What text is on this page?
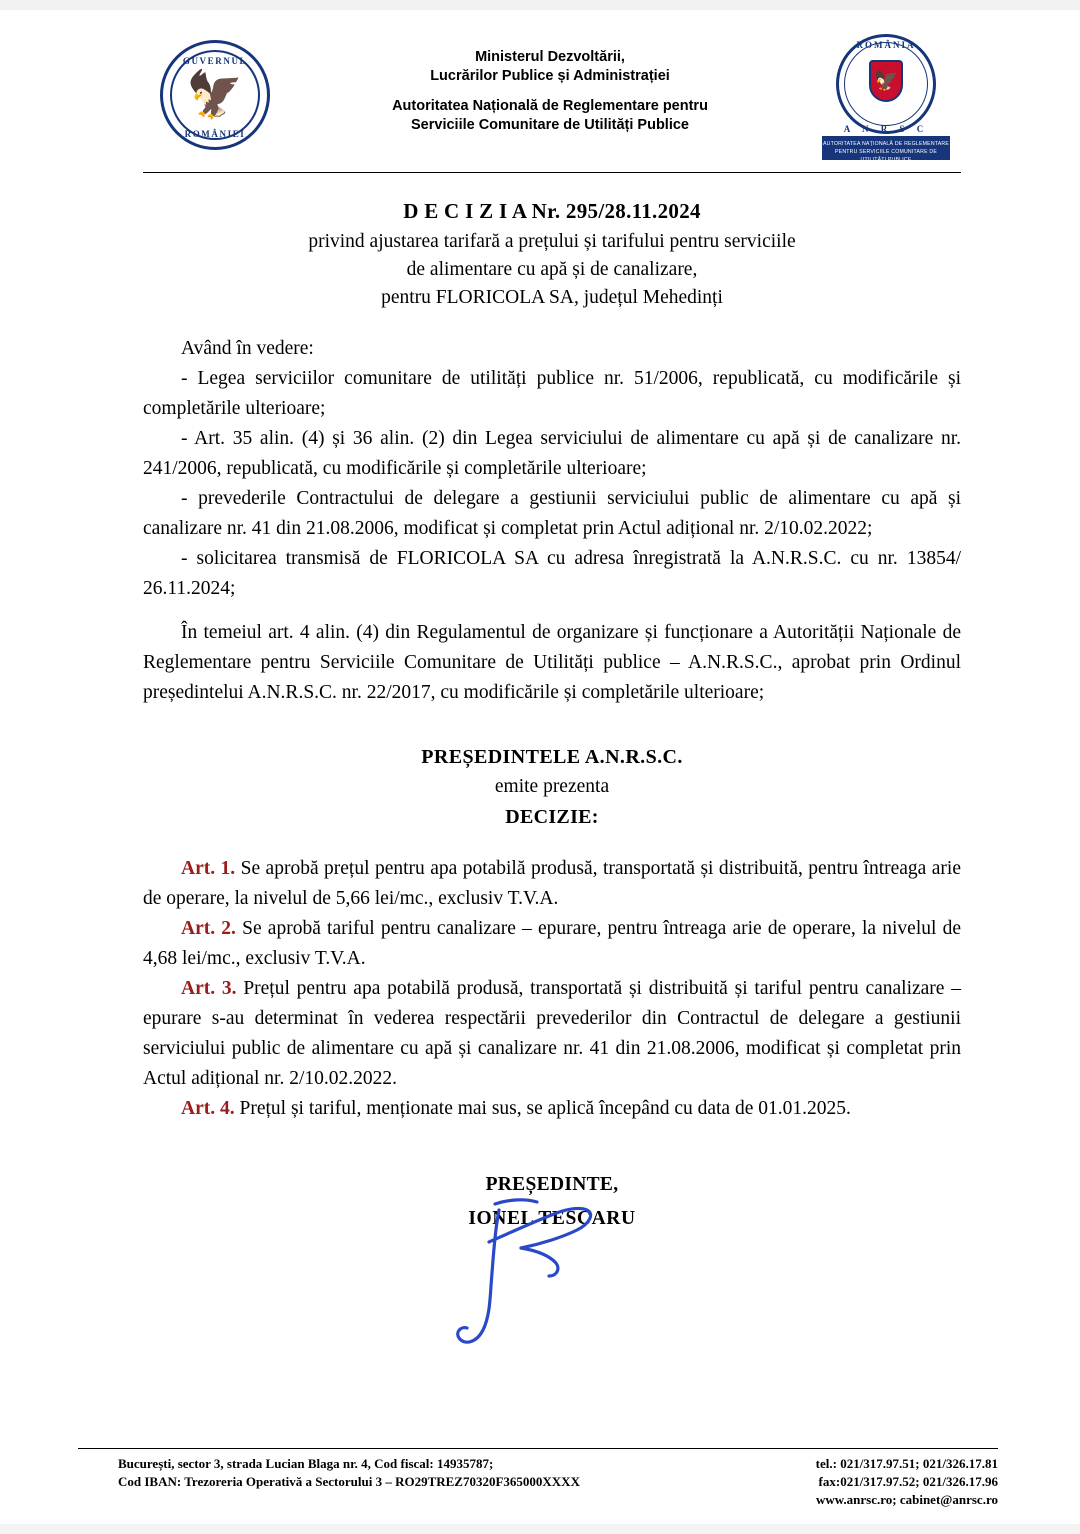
GUVERNUL
🦅
ROMÂNIEI
Ministerul Dezvoltării,
Lucrărilor Publice și Administrației
Autoritatea Națională de Reglementare pentru
Serviciile Comunitare de Utilități Publice
ROMÂNIA
🦅
A N R S C
AUTORITATEA NAȚIONALĂ DE REGLEMENTARE
PENTRU SERVICIILE COMUNITARE DE UTILITĂȚI PUBLICE
D E C I Z I A Nr. 295/28.11.2024
privind ajustarea tarifară a prețului și tarifului pentru serviciile
de alimentare cu apă și de canalizare,
pentru FLORICOLA SA, județul Mehedinți
Având în vedere:
- Legea serviciilor comunitare de utilități publice nr. 51/2006, republicată, cu modificările și completările ulterioare;
- Art. 35 alin. (4) și 36 alin. (2) din Legea serviciului de alimentare cu apă și de canalizare nr. 241/2006, republicată, cu modificările și completările ulterioare;
- prevederile Contractului de delegare a gestiunii serviciului public de alimentare cu apă și canalizare nr. 41 din 21.08.2006, modificat și completat prin Actul adițional nr. 2/10.02.2022;
- solicitarea transmisă de FLORICOLA SA cu adresa înregistrată la A.N.R.S.C. cu nr. 13854/ 26.11.2024;
În temeiul art. 4 alin. (4) din Regulamentul de organizare și funcționare a Autorității Naționale de Reglementare pentru Serviciile Comunitare de Utilități publice – A.N.R.S.C., aprobat prin Ordinul președintelui A.N.R.S.C. nr. 22/2017, cu modificările și completările ulterioare;
PREȘEDINTELE A.N.R.S.C.
emite prezenta
DECIZIE:
Art. 1. Se aprobă prețul pentru apa potabilă produsă, transportată și distribuită, pentru întreaga arie de operare, la nivelul de 5,66 lei/mc., exclusiv T.V.A.
Art. 2. Se aprobă tariful pentru canalizare – epurare, pentru întreaga arie de operare, la nivelul de 4,68 lei/mc., exclusiv T.V.A.
Art. 3. Prețul pentru apa potabilă produsă, transportată și distribuită și tariful pentru canalizare – epurare s-au determinat în vederea respectării prevederilor din Contractul de delegare a gestiunii serviciului public de alimentare cu apă și canalizare nr. 41 din 21.08.2006, modificat și completat prin Actul adițional nr. 2/10.02.2022.
Art. 4. Prețul și tariful, menționate mai sus, se aplică începând cu data de 01.01.2025.
PREȘEDINTE,
IONEL TESCARU
București, sector 3, strada Lucian Blaga nr. 4, Cod fiscal: 14935787;
Cod IBAN: Trezoreria Operativă a Sectorului 3 – RO29TREZ70320F365000XXXX
tel.: 021/317.97.51; 021/326.17.81
fax:021/317.97.52; 021/326.17.96
www.anrsc.ro; cabinet@anrsc.ro
